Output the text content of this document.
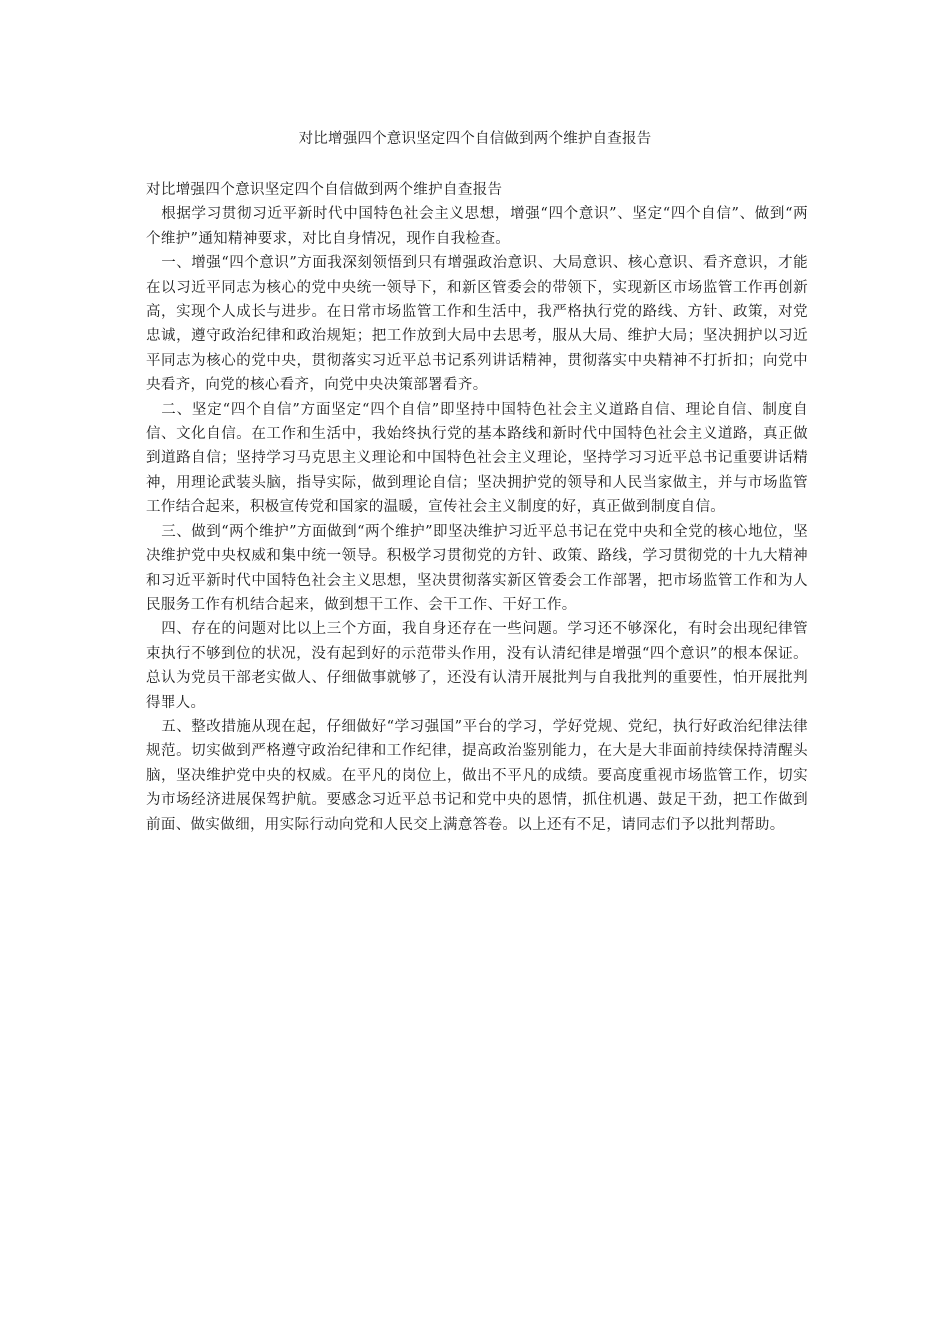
对比增强四个意识坚定四个自信做到两个维护自查报告

对比增强四个意识坚定四个自信做到两个维护自查报告

根据学习贯彻习近平新时代中国特色社会主义思想，增强“四个意识”、坚定“四个自信”、做到“两个维护”通知精神要求，对比自身情况，现作自我检查。

一、增强“四个意识”方面我深刻领悟到只有增强政治意识、大局意识、核心意识、看齐意识，才能在以习近平同志为核心的党中央统一领导下，和新区管委会的带领下，实现新区市场监管工作再创新高，实现个人成长与进步。在日常市场监管工作和生活中，我严格执行党的路线、方针、政策，对党忠诚，遵守政治纪律和政治规矩；把工作放到大局中去思考，服从大局、维护大局；坚决拥护以习近平同志为核心的党中央，贯彻落实习近平总书记系列讲话精神，贯彻落实中央精神不打折扣；向党中央看齐，向党的核心看齐，向党中央决策部署看齐。

二、坚定“四个自信”方面坚定“四个自信”即坚持中国特色社会主义道路自信、理论自信、制度自信、文化自信。在工作和生活中，我始终执行党的基本路线和新时代中国特色社会主义道路，真正做到道路自信；坚持学习马克思主义理论和中国特色社会主义理论，坚持学习习近平总书记重要讲话精神，用理论武装头脑，指导实际，做到理论自信；坚决拥护党的领导和人民当家做主，并与市场监管工作结合起来，积极宣传党和国家的温暖，宣传社会主义制度的好，真正做到制度自信。

三、做到“两个维护”方面做到“两个维护”即坚决维护习近平总书记在党中央和全党的核心地位，坚决维护党中央权威和集中统一领导。积极学习贯彻党的方针、政策、路线，学习贯彻党的十九大精神和习近平新时代中国特色社会主义思想，坚决贯彻落实新区管委会工作部署，把市场监管工作和为人民服务工作有机结合起来，做到想干工作、会干工作、干好工作。

四、存在的问题对比以上三个方面，我自身还存在一些问题。学习还不够深化，有时会出现纪律管束执行不够到位的状况，没有起到好的示范带头作用，没有认清纪律是增强“四个意识”的根本保证。总认为党员干部老实做人、仔细做事就够了，还没有认清开展批判与自我批判的重要性，怕开展批判得罪人。

五、整改措施从现在起，仔细做好“学习强国”平台的学习，学好党规、党纪，执行好政治纪律法律规范。切实做到严格遵守政治纪律和工作纪律，提高政治鉴别能力，在大是大非面前持续保持清醒头脑，坚决维护党中央的权威。在平凡的岗位上，做出不平凡的成绩。要高度重视市场监管工作，切实为市场经济进展保驾护航。要感念习近平总书记和党中央的恩情，抓住机遇、鼓足干劲，把工作做到前面、做实做细，用实际行动向党和人民交上满意答卷。以上还有不足，请同志们予以批判帮助。
